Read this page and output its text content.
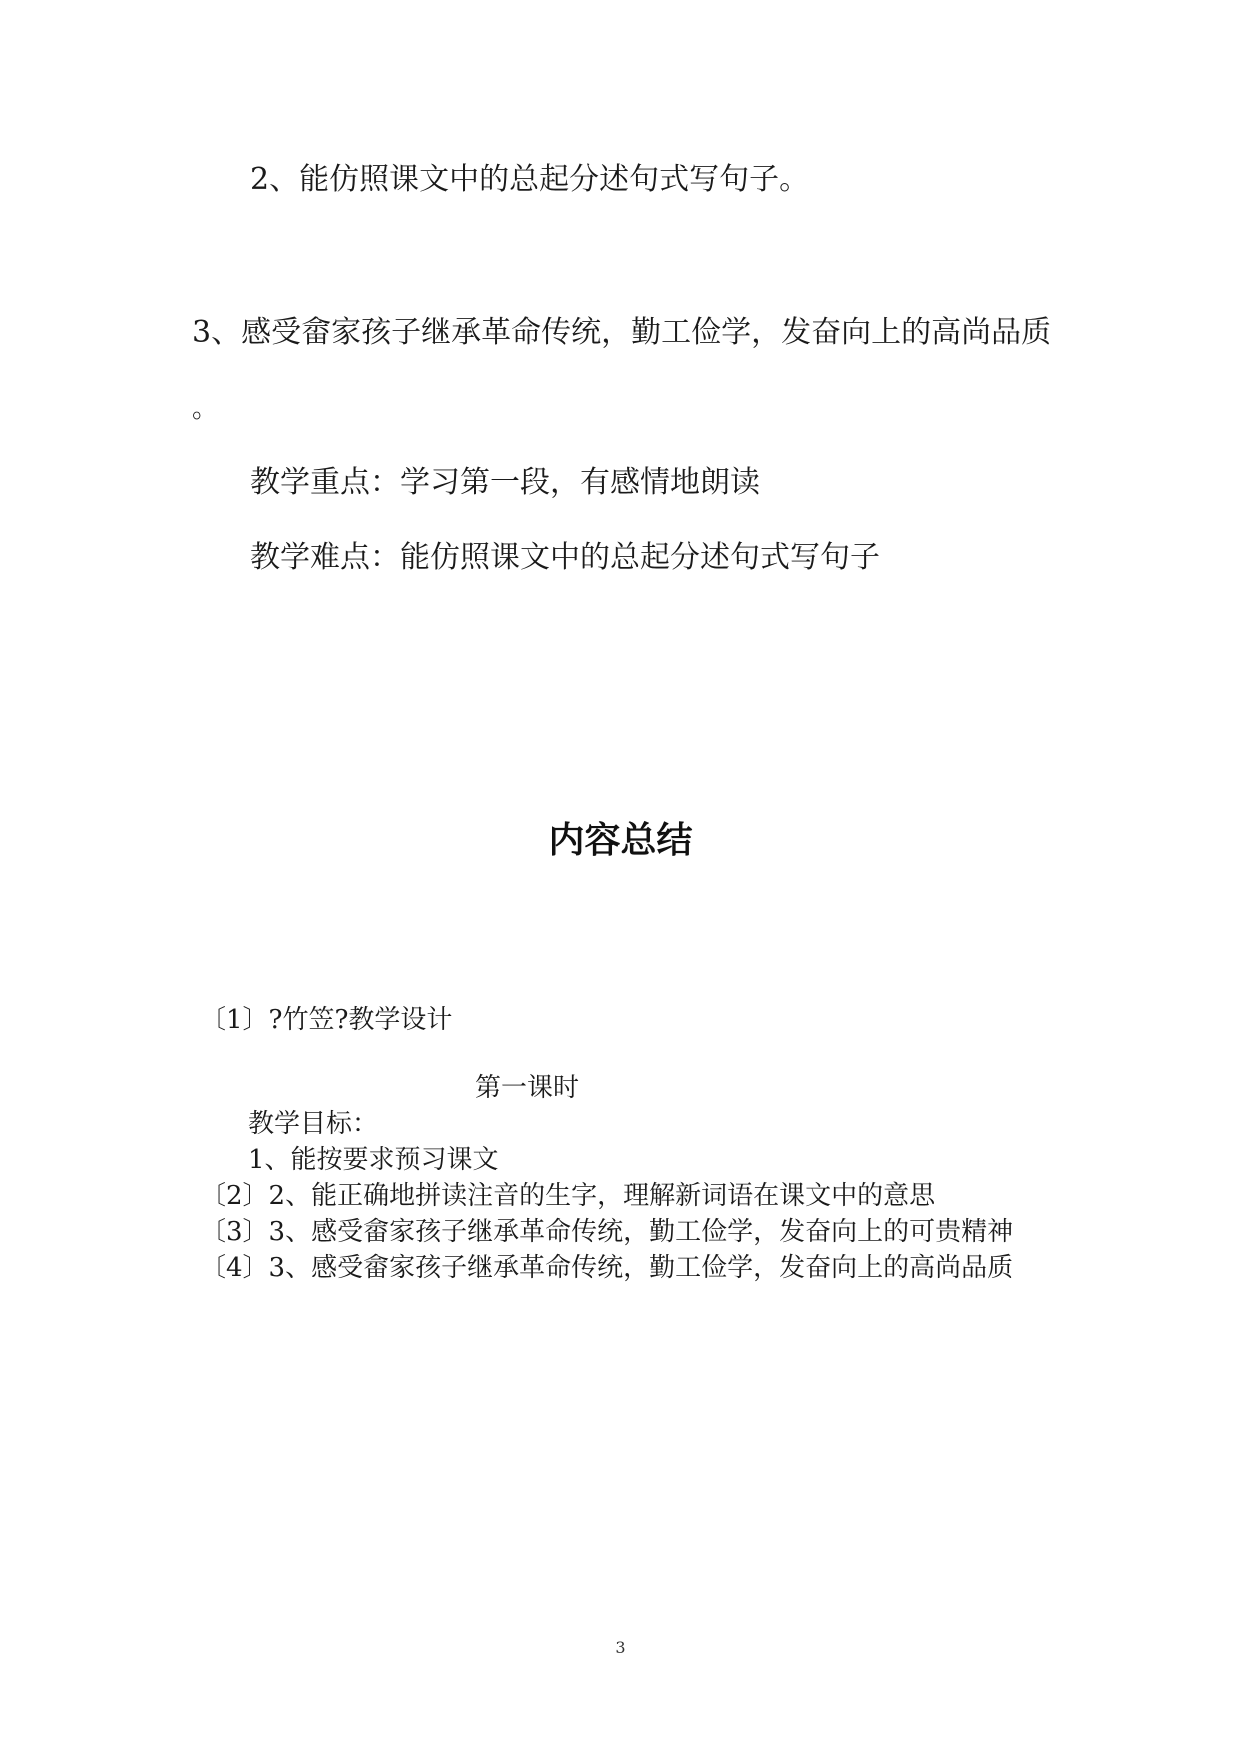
2、能仿照课文中的总起分述句式写句子。
3、感受畲家孩子继承革命传统，勤工俭学，发奋向上的高尚品质
。
教学重点：学习第一段，有感情地朗读
教学难点：能仿照课文中的总起分述句式写句子
内容总结
〔1〕?竹笠?教学设计
第一课时
教学目标：
1、能按要求预习课文
〔2〕2、能正确地拼读注音的生字，理解新词语在课文中的意思
〔3〕3、感受畲家孩子继承革命传统，勤工俭学，发奋向上的可贵精神
〔4〕3、感受畲家孩子继承革命传统，勤工俭学，发奋向上的高尚品质
3
